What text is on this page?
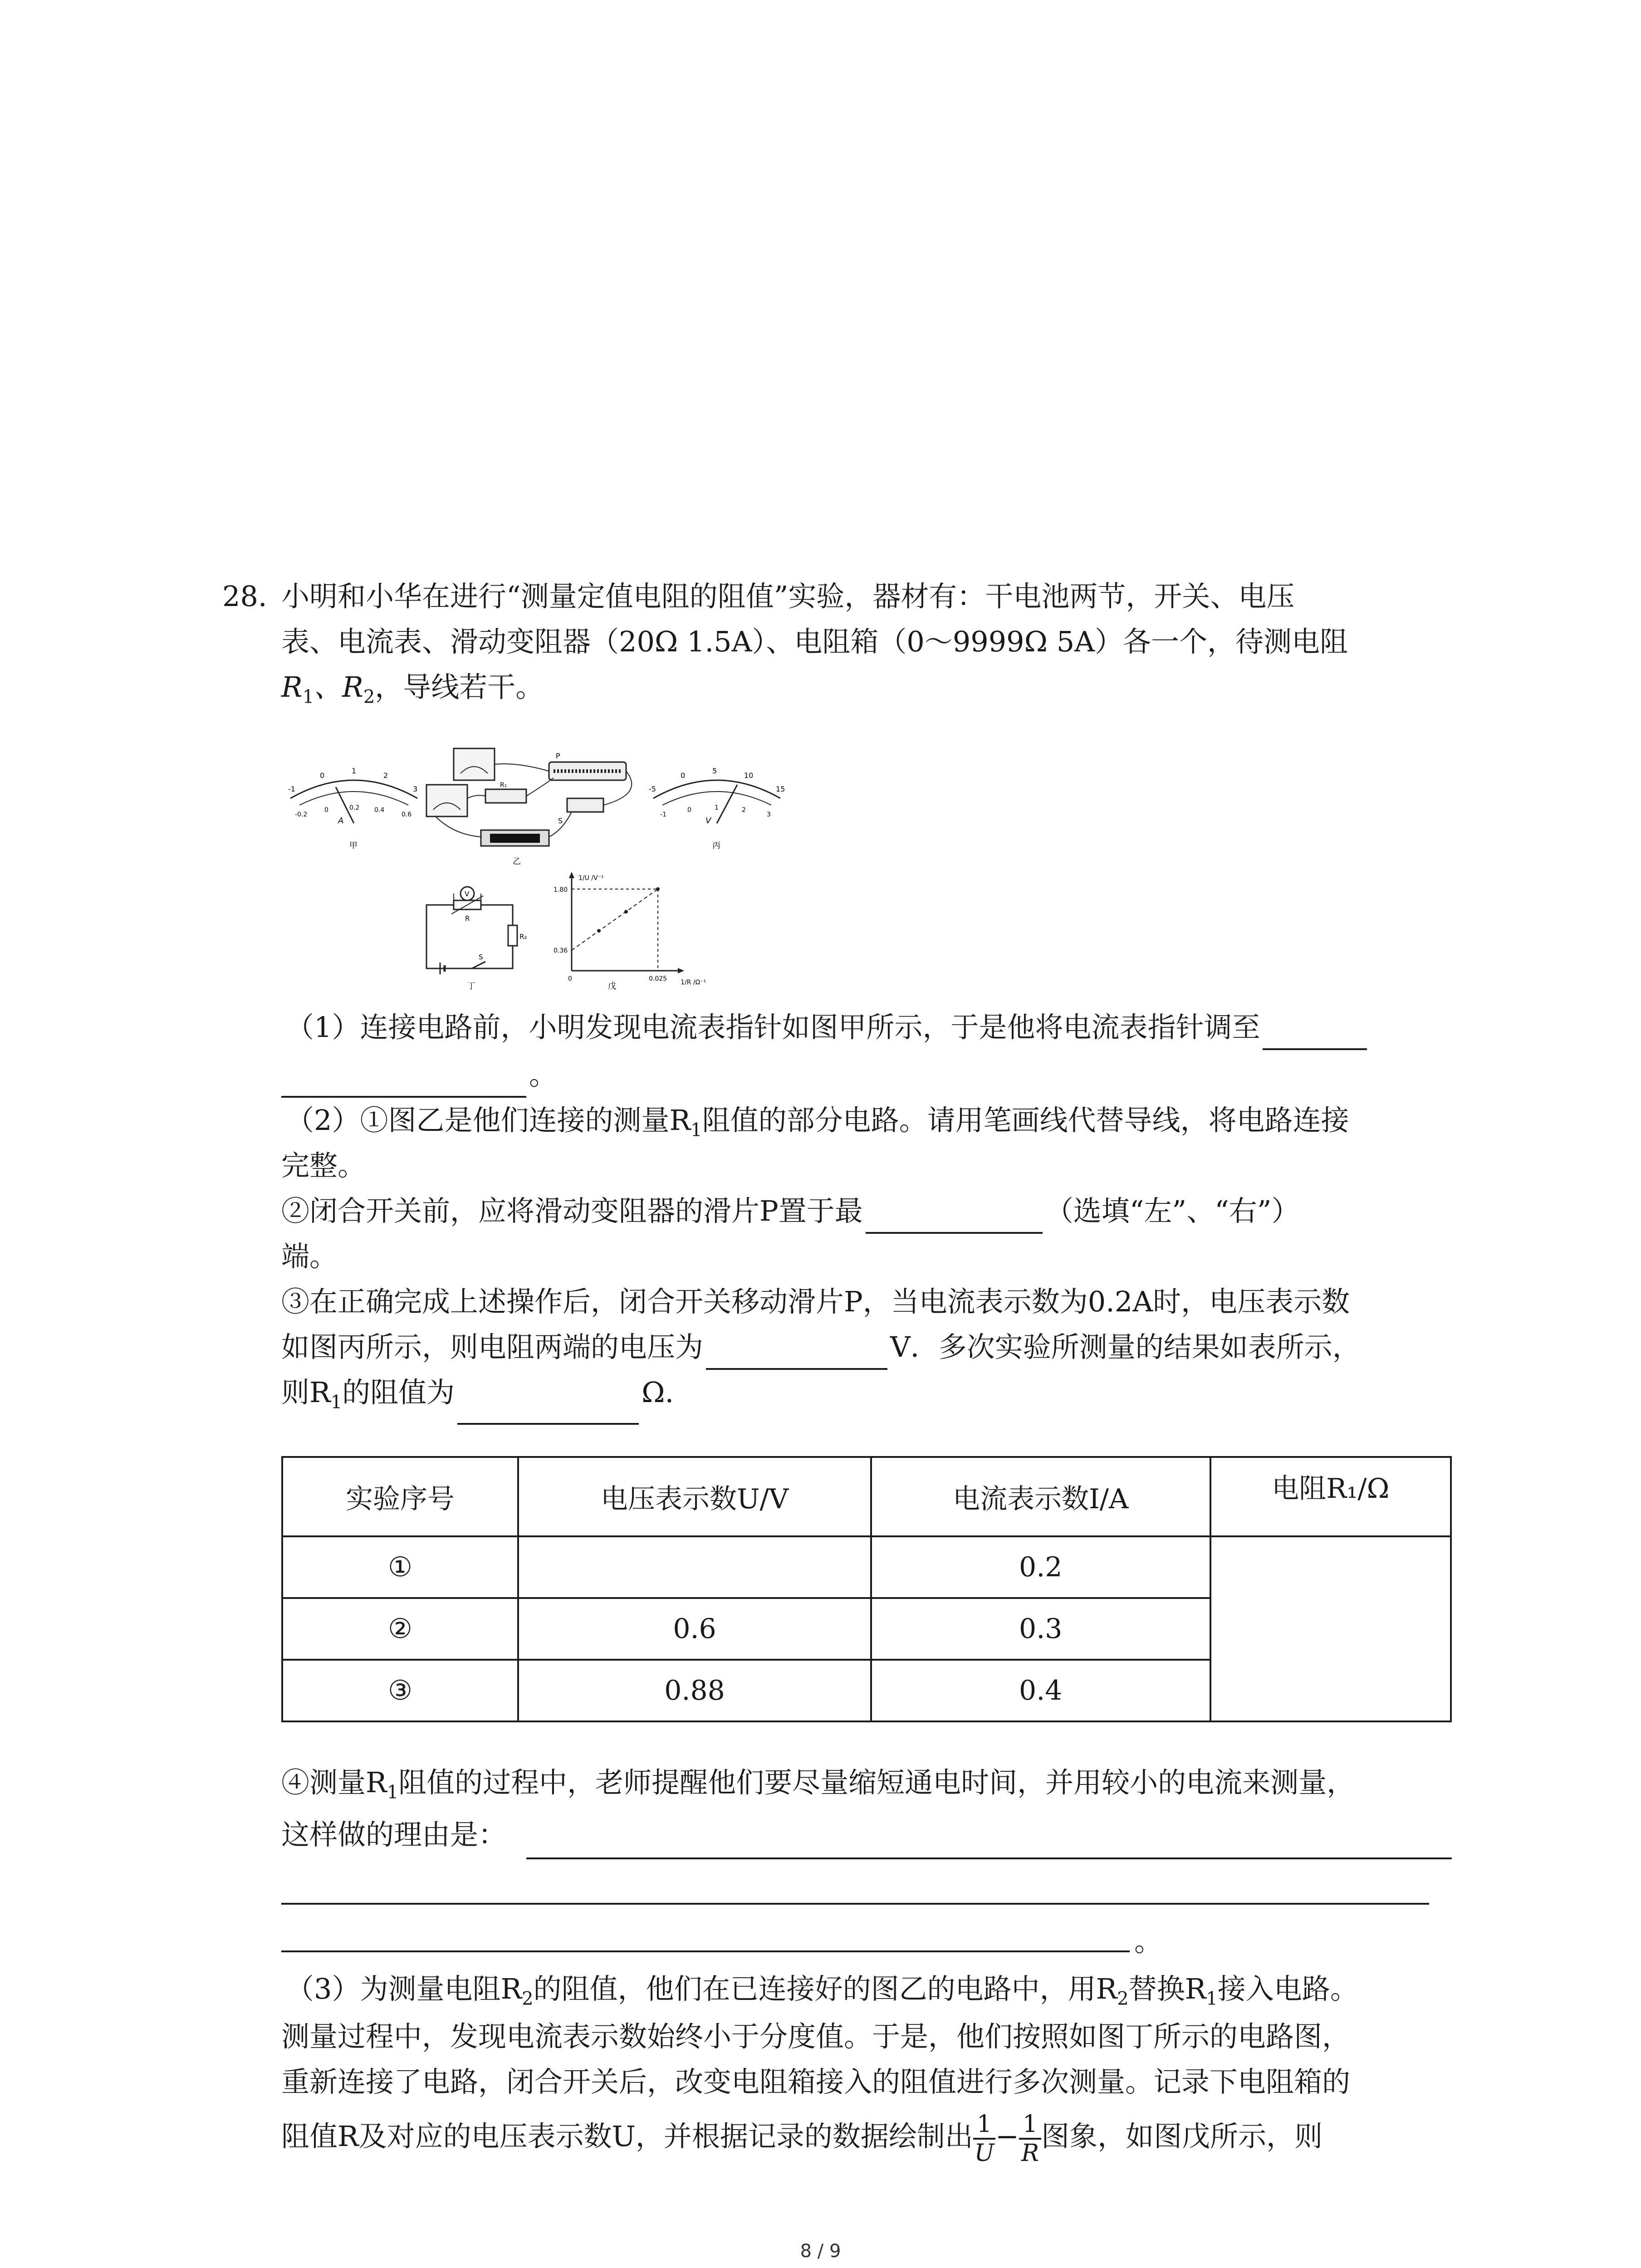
28. 小明和小华在进行“测量定值电阻的阻值”实验，器材有：干电池两节，开关、电压
表、电流表、滑动变阻器（20Ω 1.5A）、电阻箱（0～9999Ω 5A）各一个，待测电阻
$R_1$、$R_2$，导线若干。
-1
0
1
2
3
-0.2
0	0.2 0.4
0.6
A
甲
P
R₁
S
乙
-5
0
5
10
15
-1
0	1	2
3
V
丙
V
R
R₂
S
丁
1/U /V⁻¹
1.80
0.36
0	0.025 1/R /Ω⁻¹
戊
（1）连接电路前，小明发现电流表指针如图甲所示，于是他将电流表指针调至
。
（2）①图乙是他们连接的测量$R_1$阻值的部分电路。请用笔画线代替导线，将电路连接
完整。
②闭合开关前，应将滑动变阻器的滑片P置于最	（选填“左”、“右”）
端。
③在正确完成上述操作后，闭合开关移动滑片P，当电流表示数为0.2A时，电压表示数
如图丙所示，则电阻两端的电压为	V．多次实验所测量的结果如表所示，
则$R_1$的阻值为	Ω.
实验序号	电压表示数U/V	电流表示数I/A	电阻R₁/Ω
①		0.2	
②	0.6	0.3	
③	0.88	0.4	
④测量$R_1$阻值的过程中，老师提醒他们要尽量缩短通电时间，并用较小的电流来测量，
这样做的理由是：
。
（3）为测量电阻$R_2$的阻值，他们在已连接好的图乙的电路中，用$R_2$替换$R_1$接入电路。
测量过程中，发现电流表示数始终小于分度值。于是，他们按照如图丁所示的电路图，
重新连接了电路，闭合开关后，改变电阻箱接入的阻值进行多次测量。记录下电阻箱的
阻值R及对应的电压表示数U，并根据记录的数据绘制出 $\frac{1}{U} - \frac{1}{R}$ 图象，如图戊所示，则
8 / 9
